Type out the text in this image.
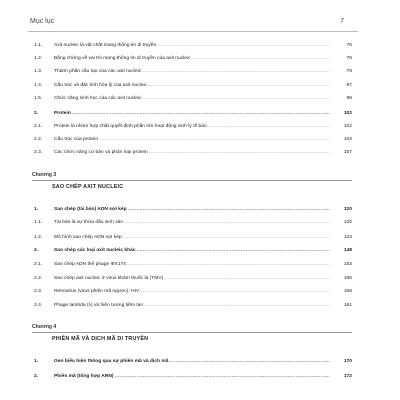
Mục lục	7
1.1.	Axit nucleic là vật chất mang thông tin di truyền .....	76
1.2.	Bằng chứng về vai trò mang thông tin di truyền của axit nucleic .....	76
1.3.	Thành phần cấu tạo của các axit nucleic .....	79
1.4.	Cấu trúc và đặc tính hóa lý của axit nucleic .....	87
1.5.	Chức năng sinh học của các axit nucleic .....	98
2.	Protein .....	102
2.1.	Protein là nhóm hợp chất quyết định phần lớn hoạt động sinh lý tế bào .....	102
2.2.	Cấu trúc của protein .....	103
2.3.	Các chức năng cơ bản và phân loại protein .....	107
Chương 3
SAO CHÉP AXIT NUCLEIC
1.	Sao chép (tái bản) ADN sợi kép .....	120
1.1.	Tái bản là sự thừa dẫu sinh sản .....	120
1.2.	Mô hình sao chép ADN sợi kép .....	123
2.	Sao chép các loại axit nucleic khác .....	148
2.1.	Sao chép ADN thể phage ΦX174 .....	153
2.2.	Sao chép axit nucleic ở virus khảm thuốc lá (TMV) .....	156
2.3.	Retrovirus (virus phiên mã ngược): HIV .....	158
2.4.	Phage lambda (λ) và hiện tượng tiềm tan .....	161
Chương 4
PHIÊN MÃ VÀ DỊCH MÃ DI TRUYỀN
1.	Gen biểu hiện thông qua sự phiên mã và dịch mã .....	170
2.	Phiên mã (tổng hợp ARN) .....	172
